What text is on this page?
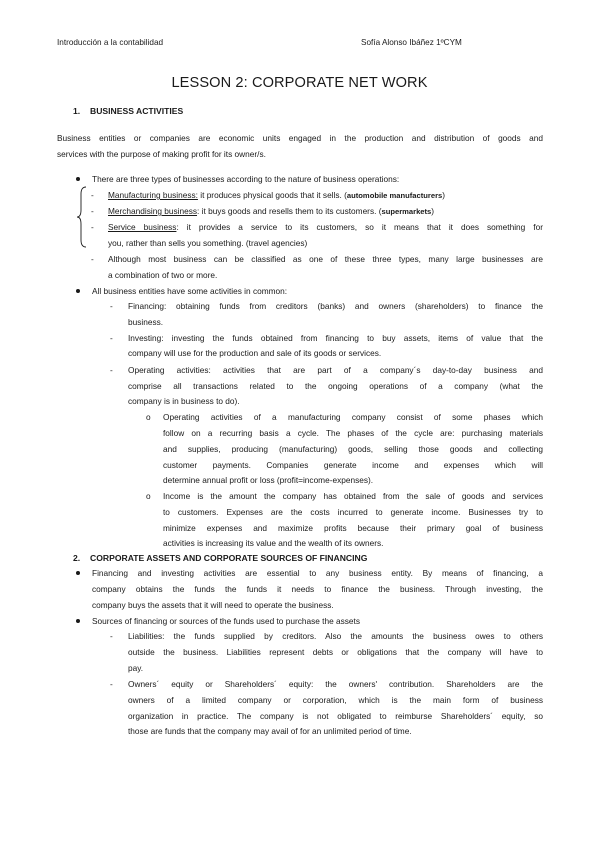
Introducción a la contabilidad	Sofía Alonso Ibáñez 1ºCYM
LESSON 2: CORPORATE NET WORK
1. BUSINESS ACTIVITIES
Business entities or companies are economic units engaged in the production and distribution of goods and
services with the purpose of making profit for its owner/s.
There are three types of businesses according to the nature of business operations:
- Manufacturing business: it produces physical goods that it sells. (automobile manufacturers)
- Merchandising business: it buys goods and resells them to its customers. (supermarkets)
- Service business: it provides a service to its customers, so it means that it does something for
you, rather than sells you something. (travel agencies)
- Although most business can be classified as one of these three types, many large businesses are
a combination of two or more.
All business entities have some activities in common:
- Financing: obtaining funds from creditors (banks) and owners (shareholders) to finance the
business.
- Investing: investing the funds obtained from financing to buy assets, items of value that the
company will use for the production and sale of its goods or services.
- Operating activities: activities that are part of a company´s day-to-day business and
comprise all transactions related to the ongoing operations of a company (what the
company is in business to do).
o Operating activities of a manufacturing company consist of some phases which
follow on a recurring basis a cycle. The phases of the cycle are: purchasing materials
and supplies, producing (manufacturing) goods, selling those goods and collecting
customer payments. Companies generate income and expenses which will
determine annual profit or loss (profit=income-expenses).
o Income is the amount the company has obtained from the sale of goods and services
to customers. Expenses are the costs incurred to generate income. Businesses try to
minimize expenses and maximize profits because their primary goal of business
activities is increasing its value and the wealth of its owners.
2. CORPORATE ASSETS AND CORPORATE SOURCES OF FINANCING
Financing and investing activities are essential to any business entity. By means of financing, a
company obtains the funds the funds it needs to finance the business. Through investing, the
company buys the assets that it will need to operate the business.
Sources of financing or sources of the funds used to purchase the assets
- Liabilities: the funds supplied by creditors. Also the amounts the business owes to others
outside the business. Liabilities represent debts or obligations that the company will have to
pay.
- Owners´ equity or Shareholders´ equity: the owners' contribution. Shareholders are the
owners of a limited company or corporation, which is the main form of business
organization in practice. The company is not obligated to reimburse Shareholders´ equity, so
those are funds that the company may avail of for an unlimited period of time.
